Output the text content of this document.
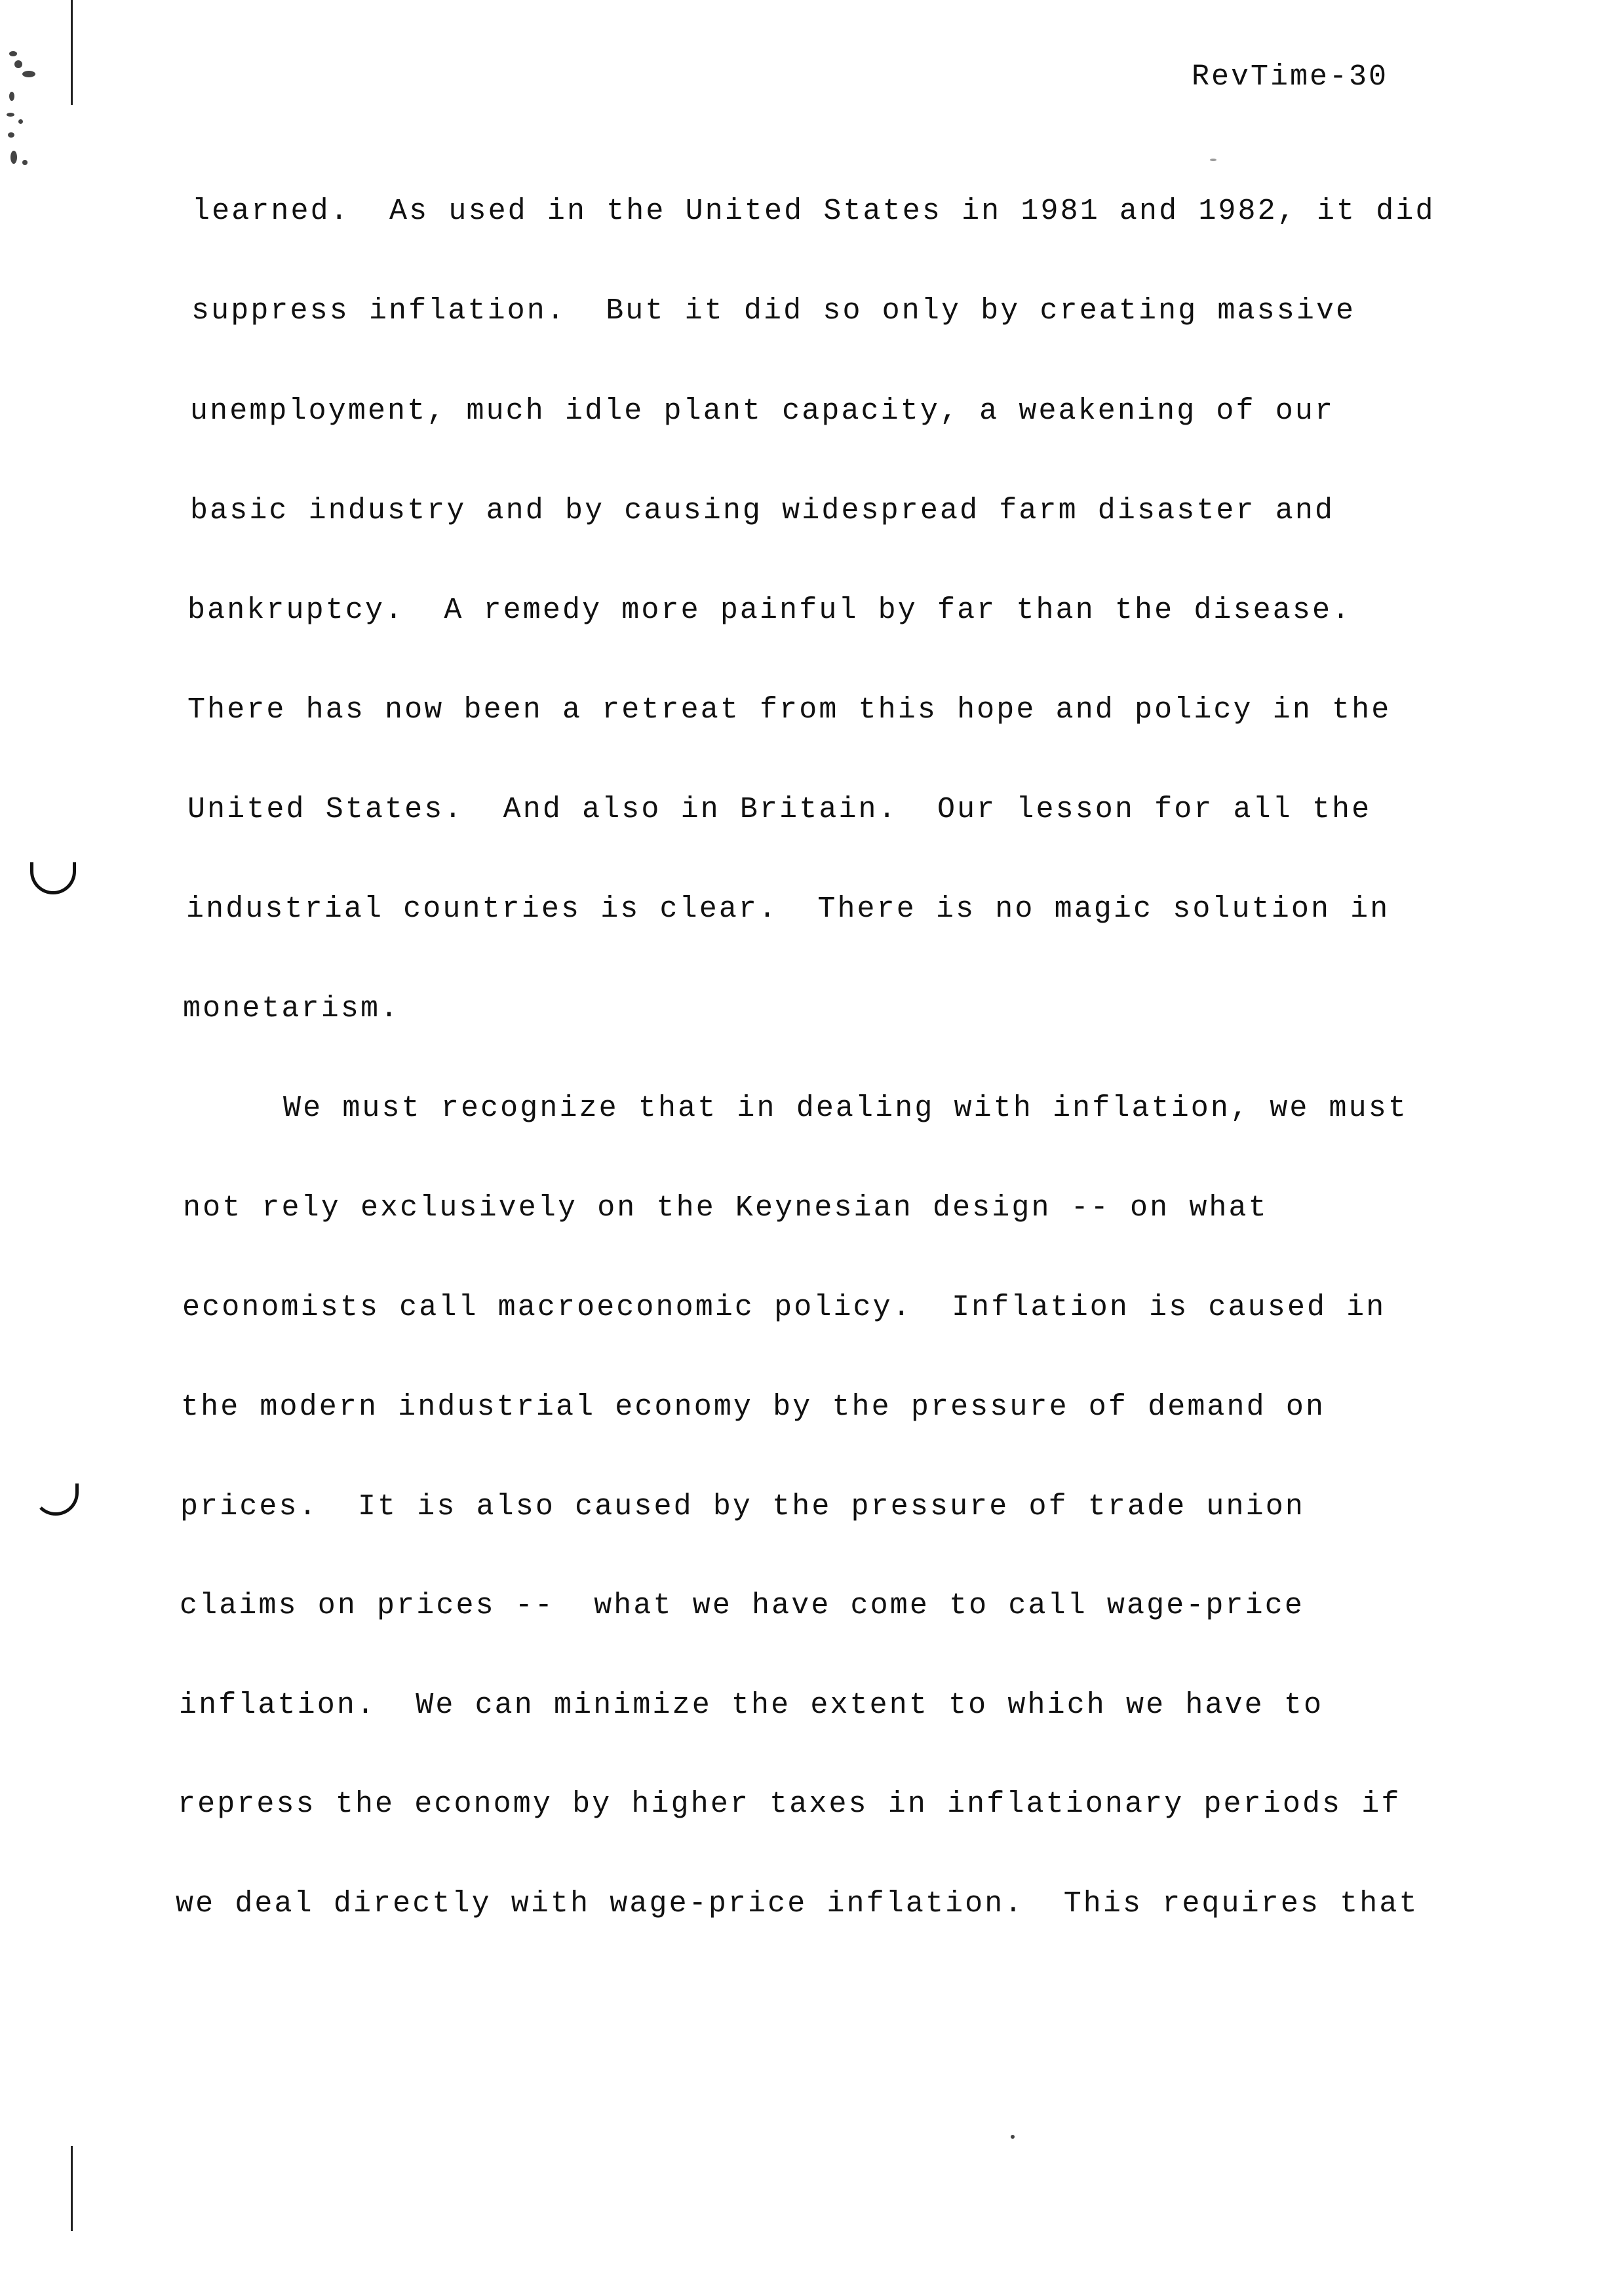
RevTime-30
learned.  As used in the United States in 1981 and 1982, it did
suppress inflation.  But it did so only by creating massive
unemployment, much idle plant capacity, a weakening of our
basic industry and by causing widespread farm disaster and
bankruptcy.  A remedy more painful by far than the disease.
There has now been a retreat from this hope and policy in the
United States.  And also in Britain.  Our lesson for all the
industrial countries is clear.  There is no magic solution in
monetarism.
We must recognize that in dealing with inflation, we must
not rely exclusively on the Keynesian design -- on what
economists call macroeconomic policy.  Inflation is caused in
the modern industrial economy by the pressure of demand on
prices.  It is also caused by the pressure of trade union
claims on prices --  what we have come to call wage-price
inflation.  We can minimize the extent to which we have to
repress the economy by higher taxes in inflationary periods if
we deal directly with wage-price inflation.  This requires that
